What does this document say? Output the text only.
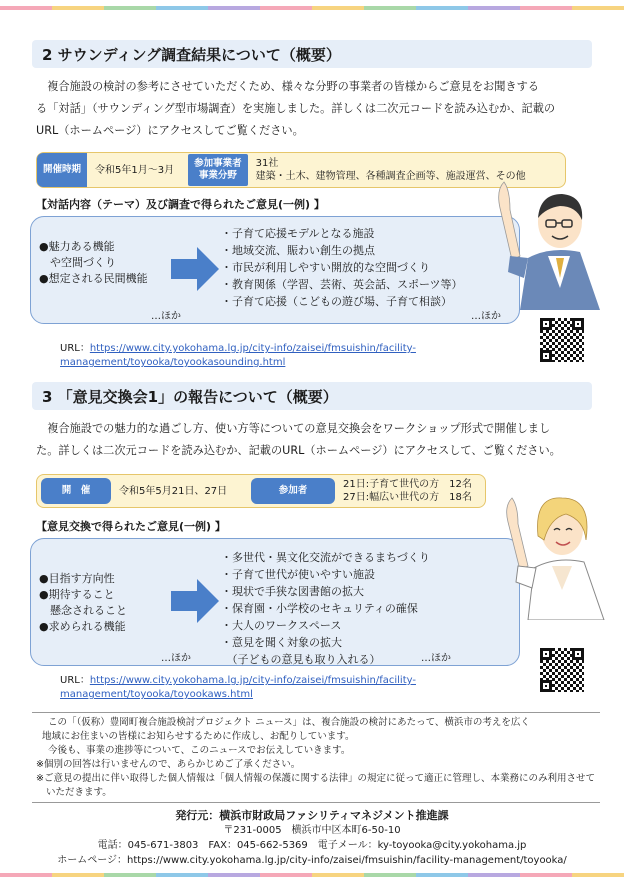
2 サウンディング調査結果について（概要）
　複合施設の検討の参考にさせていただくため、様々な分野の事業者の皆様からご意見をお聞きする
る「対話」（サウンディング型市場調査）を実施しました。詳しくは二次元コードを読み込むか、記載の
URL（ホームページ）にアクセスしてご覧ください。
開催時期	令和5年1月～3月
参加事業者
事業分野
31社
建築・土木、建物管理、各種調査企画等、施設運営、その他
【対話内容（テーマ）及び調査で得られたご意見(一例) 】
●魅力ある機能
　や空間づくり
●想定される民間機能
・子育て応援モデルとなる施設
・地域交流、賑わい創生の拠点
・市民が利用しやすい開放的な空間づくり
・教育関係（学習、芸術、英会話、スポーツ等）
・子育て応援（こどもの遊び場、子育て相談）
…ほか	…ほか
URL：https://www.city.yokohama.lg.jp/city-info/zaisei/fmsuishin/facility-
management/toyooka/toyookasounding.html
3 「意見交換会1」の報告について（概要）
　複合施設での魅力的な過ごし方、使い方等についての意見交換会をワークショップ形式で開催しまし
た。詳しくは二次元コードを読み込むか、記載のURL（ホームページ）にアクセスして、ご覧ください。
開　催	令和5年5月21日、27日	参加者
21日:子育て世代の方　12名
27日:幅広い世代の方　18名
【意見交換で得られたご意見(一例) 】
●目指す方向性
●期待すること
　懸念されること
●求められる機能
・多世代・異文化交流ができるまちづくり
・子育て世代が使いやすい施設
・現状で手狭な図書館の拡大
・保育園・小学校のセキュリティの確保
・大人のワークスペース
・意見を聞く対象の拡大
　（子どもの意見も取り入れる）
…ほか	…ほか
URL：https://www.city.yokohama.lg.jp/city-info/zaisei/fmsuishin/facility-
management/toyooka/toyookaws.html
この「（仮称）豊岡町複合施設検討プロジェクト ニュース」は、複合施設の検討にあたって、横浜市の考えを広く
地域にお住まいの皆様にお知らせするために作成し、お配りしています。
今後も、事業の進捗等について、このニュースでお伝えしていきます。
※個別の回答は行いませんので、あらかじめご了承ください。
※ご意見の提出に伴い取得した個人情報は「個人情報の保護に関する法律」の規定に従って適正に管理し、本業務にのみ利用させて
いただきます。
発行元：横浜市財政局ファシリティマネジメント推進課
〒231-0005　横浜市中区本町6-50-10
電話：045-671-3803　FAX：045-662-5369　電子メール：ky-toyooka@city.yokohama.jp
ホームページ：https://www.city.yokohama.lg.jp/city-info/zaisei/fmsuishin/facility-management/toyooka/
